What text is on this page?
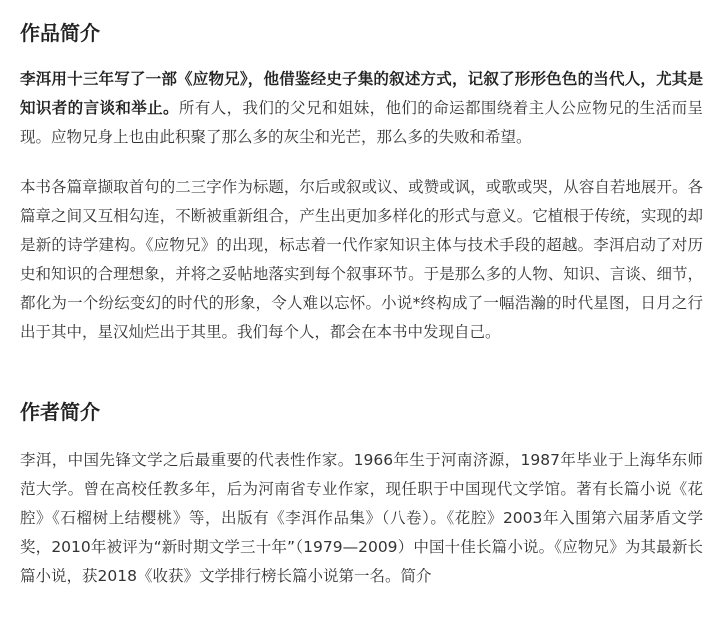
作品简介

李洱用十三年写了一部《应物兄》，他借鉴经史子集的叙述方式，记叙了形形色色的当代人，尤其是知识者的言谈和举止。所有人，我们的父兄和姐妹，他们的命运都围绕着主人公应物兄的生活而呈现。应物兄身上也由此积聚了那么多的灰尘和光芒，那么多的失败和希望。

本书各篇章撷取首句的二三字作为标题，尔后或叙或议、或赞或讽，或歌或哭，从容自若地展开。各篇章之间又互相勾连，不断被重新组合，产生出更加多样化的形式与意义。它植根于传统，实现的却是新的诗学建构。《应物兄》的出现，标志着一代作家知识主体与技术手段的超越。李洱启动了对历史和知识的合理想象，并将之妥帖地落实到每个叙事环节。于是那么多的人物、知识、言谈、细节，都化为一个纷纭变幻的时代的形象，令人难以忘怀。小说*终构成了一幅浩瀚的时代星图，日月之行出于其中，星汉灿烂出于其里。我们每个人，都会在本书中发现自己。

作者简介

李洱，中国先锋文学之后最重要的代表性作家。1966年生于河南济源，1987年毕业于上海华东师范大学。曾在高校任教多年，后为河南省专业作家，现任职于中国现代文学馆。著有长篇小说《花腔》《石榴树上结樱桃》等，出版有《李洱作品集》（八卷）。《花腔》2003年入围第六届茅盾文学奖，2010年被评为“新时期文学三十年”（1979—2009）中国十佳长篇小说。《应物兄》为其最新长篇小说，获2018《收获》文学排行榜长篇小说第一名。简介
